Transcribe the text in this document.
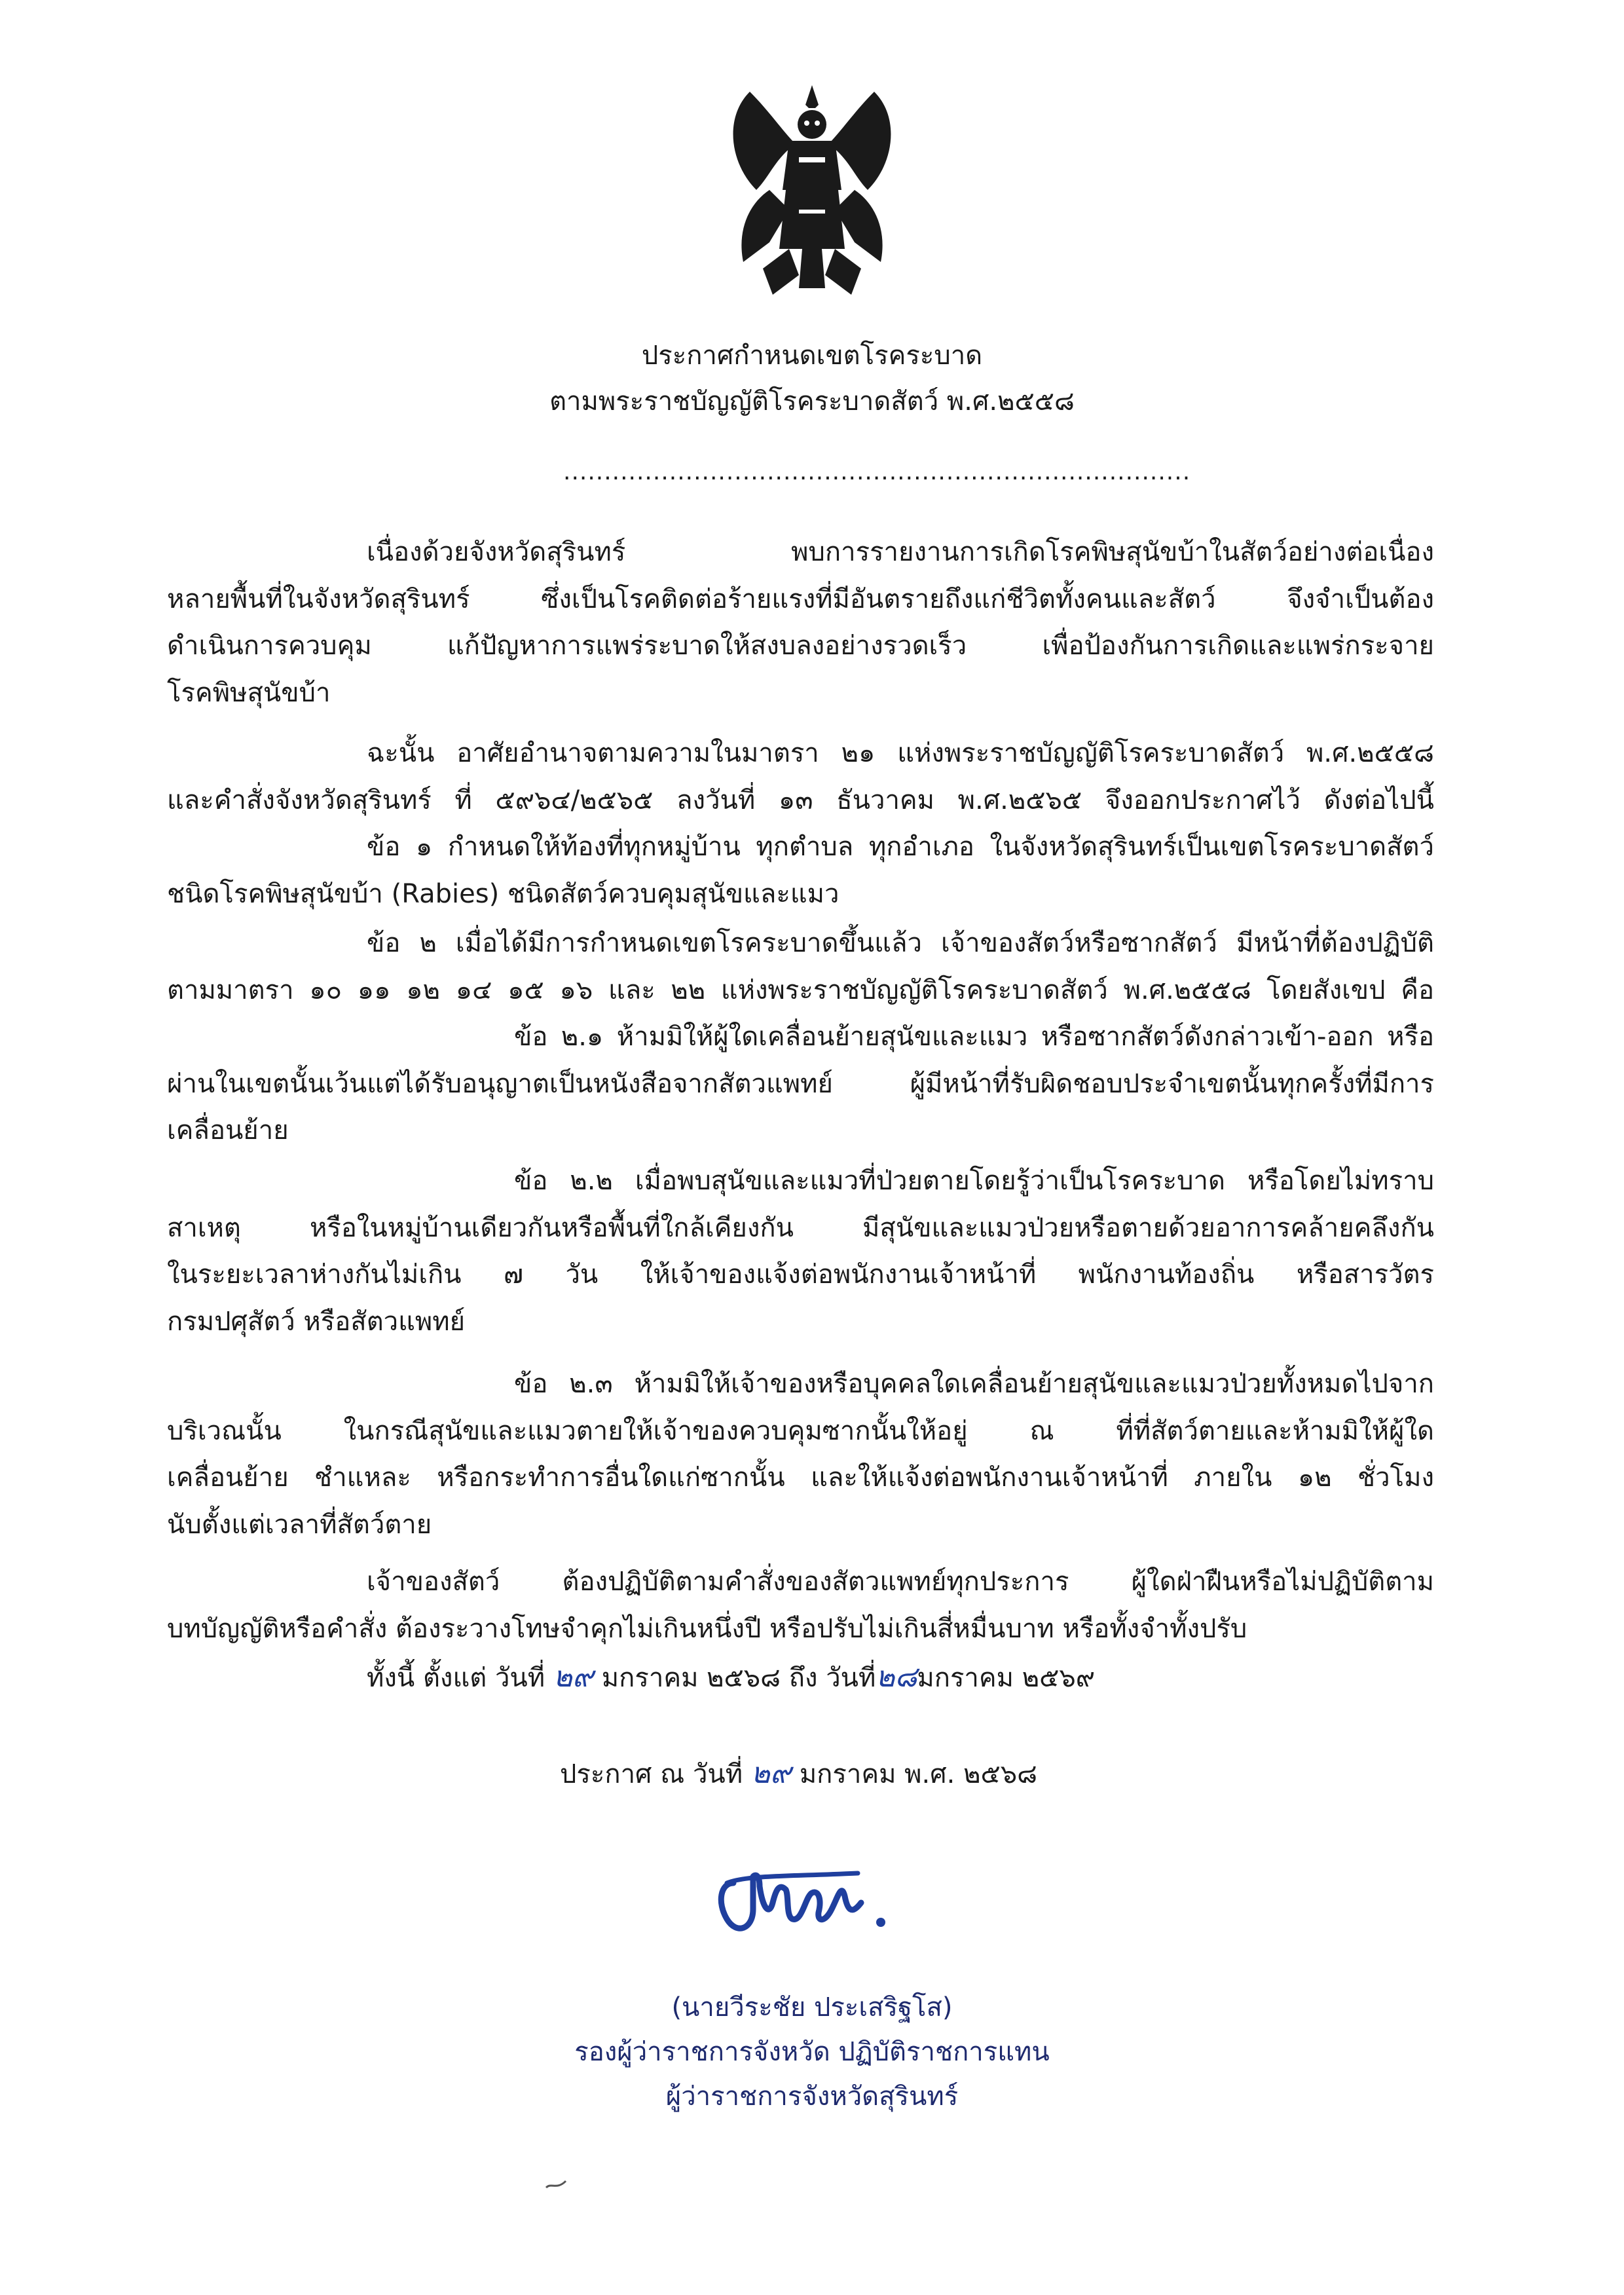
ประกาศกำหนดเขตโรคระบาด
ตามพระราชบัญญัติโรคระบาดสัตว์ พ.ศ.๒๕๕๘
.............................................................................
เนื่องด้วยจังหวัดสุรินทร์ พบการรายงานการเกิดโรคพิษสุนัขบ้าในสัตว์อย่างต่อเนื่อง
หลายพื้นที่ในจังหวัดสุรินทร์ ซึ่งเป็นโรคติดต่อร้ายแรงที่มีอันตรายถึงแก่ชีวิตทั้งคนและสัตว์ จึงจำเป็นต้อง
ดำเนินการควบคุม แก้ปัญหาการแพร่ระบาดให้สงบลงอย่างรวดเร็ว เพื่อป้องกันการเกิดและแพร่กระจาย
โรคพิษสุนัขบ้า
ฉะนั้น อาศัยอำนาจตามความในมาตรา ๒๑ แห่งพระราชบัญญัติโรคระบาดสัตว์ พ.ศ.๒๕๕๘
และคำสั่งจังหวัดสุรินทร์ ที่ ๕๙๖๔/๒๕๖๕ ลงวันที่ ๑๓ ธันวาคม พ.ศ.๒๕๖๕ จึงออกประกาศไว้ ดังต่อไปนี้
ข้อ ๑ กำหนดให้ท้องที่ทุกหมู่บ้าน ทุกตำบล ทุกอำเภอ ในจังหวัดสุรินทร์เป็นเขตโรคระบาดสัตว์
ชนิดโรคพิษสุนัขบ้า (Rabies) ชนิดสัตว์ควบคุมสุนัขและแมว
ข้อ ๒ เมื่อได้มีการกำหนดเขตโรคระบาดขึ้นแล้ว เจ้าของสัตว์หรือซากสัตว์ มีหน้าที่ต้องปฏิบัติ
ตามมาตรา ๑๐ ๑๑ ๑๒ ๑๔ ๑๕ ๑๖ และ ๒๒ แห่งพระราชบัญญัติโรคระบาดสัตว์ พ.ศ.๒๕๕๘ โดยสังเขป คือ
ข้อ ๒.๑ ห้ามมิให้ผู้ใดเคลื่อนย้ายสุนัขและแมว หรือซากสัตว์ดังกล่าวเข้า-ออก หรือ
ผ่านในเขตนั้นเว้นแต่ได้รับอนุญาตเป็นหนังสือจากสัตวแพทย์ ผู้มีหน้าที่รับผิดชอบประจำเขตนั้นทุกครั้งที่มีการ
เคลื่อนย้าย
ข้อ ๒.๒ เมื่อพบสุนัขและแมวที่ป่วยตายโดยรู้ว่าเป็นโรคระบาด หรือโดยไม่ทราบ
สาเหตุ หรือในหมู่บ้านเดียวกันหรือพื้นที่ใกล้เคียงกัน มีสุนัขและแมวป่วยหรือตายด้วยอาการคล้ายคลึงกัน
ในระยะเวลาห่างกันไม่เกิน ๗ วัน ให้เจ้าของแจ้งต่อพนักงานเจ้าหน้าที่ พนักงานท้องถิ่น หรือสารวัตร
กรมปศุสัตว์ หรือสัตวแพทย์
ข้อ ๒.๓ ห้ามมิให้เจ้าของหรือบุคคลใดเคลื่อนย้ายสุนัขและแมวป่วยทั้งหมดไปจาก
บริเวณนั้น ในกรณีสุนัขและแมวตายให้เจ้าของควบคุมซากนั้นให้อยู่ ณ ที่ที่สัตว์ตายและห้ามมิให้ผู้ใด
เคลื่อนย้าย ชำแหละ หรือกระทำการอื่นใดแก่ซากนั้น และให้แจ้งต่อพนักงานเจ้าหน้าที่ ภายใน ๑๒ ชั่วโมง
นับตั้งแต่เวลาที่สัตว์ตาย
เจ้าของสัตว์ ต้องปฏิบัติตามคำสั่งของสัตวแพทย์ทุกประการ ผู้ใดฝ่าฝืนหรือไม่ปฏิบัติตาม
บทบัญญัติหรือคำสั่ง ต้องระวางโทษจำคุกไม่เกินหนึ่งปี หรือปรับไม่เกินสี่หมื่นบาท หรือทั้งจำทั้งปรับ
ทั้งนี้ ตั้งแต่ วันที่ ๒๙ มกราคม ๒๕๖๘ ถึง วันที่๒๘มกราคม ๒๕๖๙
ประกาศ ณ วันที่ ๒๙ มกราคม พ.ศ. ๒๕๖๘
(นายวีระชัย ประเสริฐโส)
รองผู้ว่าราชการจังหวัด ปฏิบัติราชการแทน
ผู้ว่าราชการจังหวัดสุรินทร์
